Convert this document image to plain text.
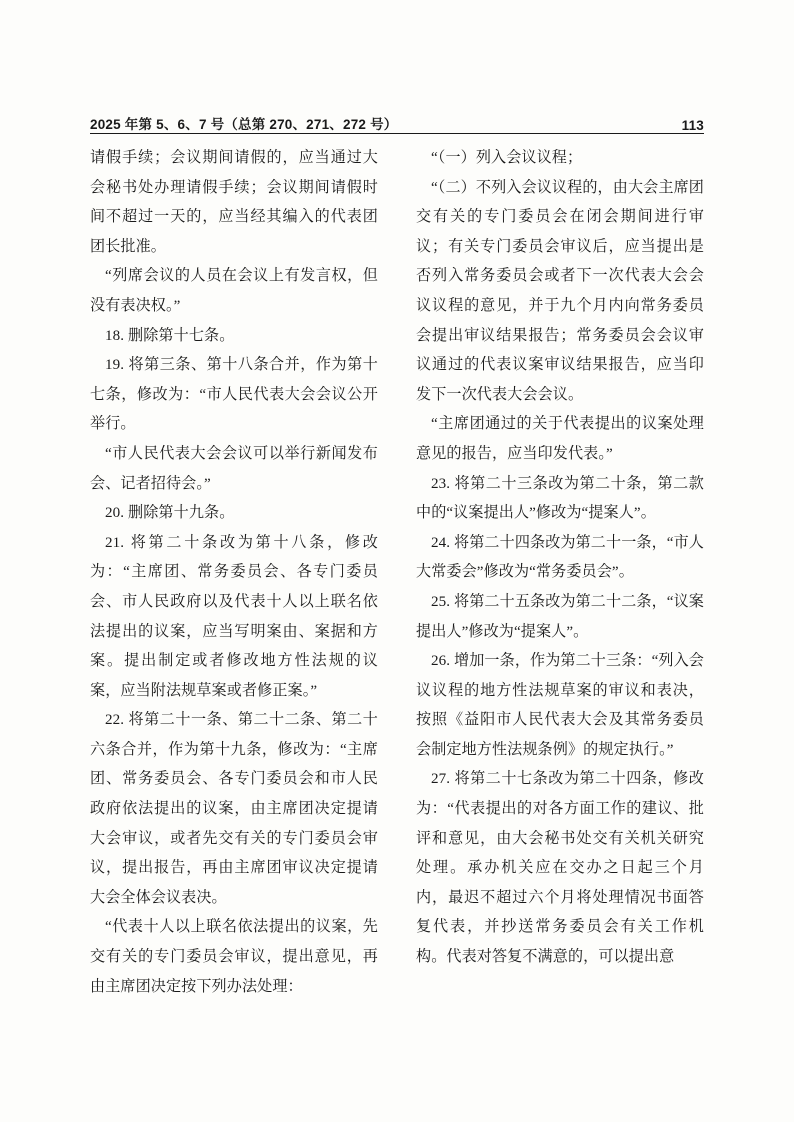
2025 年第 5、6、7 号（总第 270、271、272 号）	113

请假手续；会议期间请假的，应当通过大会秘书处办理请假手续；会议期间请假时间不超过一天的，应当经其编入的代表团团长批准。

“列席会议的人员在会议上有发言权，但没有表决权。”

18. 删除第十七条。

19. 将第三条、第十八条合并，作为第十七条，修改为：“市人民代表大会会议公开举行。

“市人民代表大会会议可以举行新闻发布会、记者招待会。”

20. 删除第十九条。

21. 将第二十条改为第十八条，修改为：“主席团、常务委员会、各专门委员会、市人民政府以及代表十人以上联名依法提出的议案，应当写明案由、案据和方案。提出制定或者修改地方性法规的议案，应当附法规草案或者修正案。”

22. 将第二十一条、第二十二条、第二十六条合并，作为第十九条，修改为：“主席团、常务委员会、各专门委员会和市人民政府依法提出的议案，由主席团决定提请大会审议，或者先交有关的专门委员会审议，提出报告，再由主席团审议决定提请大会全体会议表决。

“代表十人以上联名依法提出的议案，先交有关的专门委员会审议，提出意见，再由主席团决定按下列办法处理：

“（一）列入会议议程；

“（二）不列入会议议程的，由大会主席团交有关的专门委员会在闭会期间进行审议；有关专门委员会审议后，应当提出是否列入常务委员会或者下一次代表大会会议议程的意见，并于九个月内向常务委员会提出审议结果报告；常务委员会会议审议通过的代表议案审议结果报告，应当印发下一次代表大会会议。

“主席团通过的关于代表提出的议案处理意见的报告，应当印发代表。”

23. 将第二十三条改为第二十条，第二款中的“议案提出人”修改为“提案人”。

24. 将第二十四条改为第二十一条，“市人大常委会”修改为“常务委员会”。

25. 将第二十五条改为第二十二条，“议案提出人”修改为“提案人”。

26. 增加一条，作为第二十三条：“列入会议议程的地方性法规草案的审议和表决，按照《益阳市人民代表大会及其常务委员会制定地方性法规条例》的规定执行。”

27. 将第二十七条改为第二十四条，修改为：“代表提出的对各方面工作的建议、批评和意见，由大会秘书处交有关机关研究处理。承办机关应在交办之日起三个月内，最迟不超过六个月将处理情况书面答复代表，并抄送常务委员会有关工作机构。代表对答复不满意的，可以提出意
